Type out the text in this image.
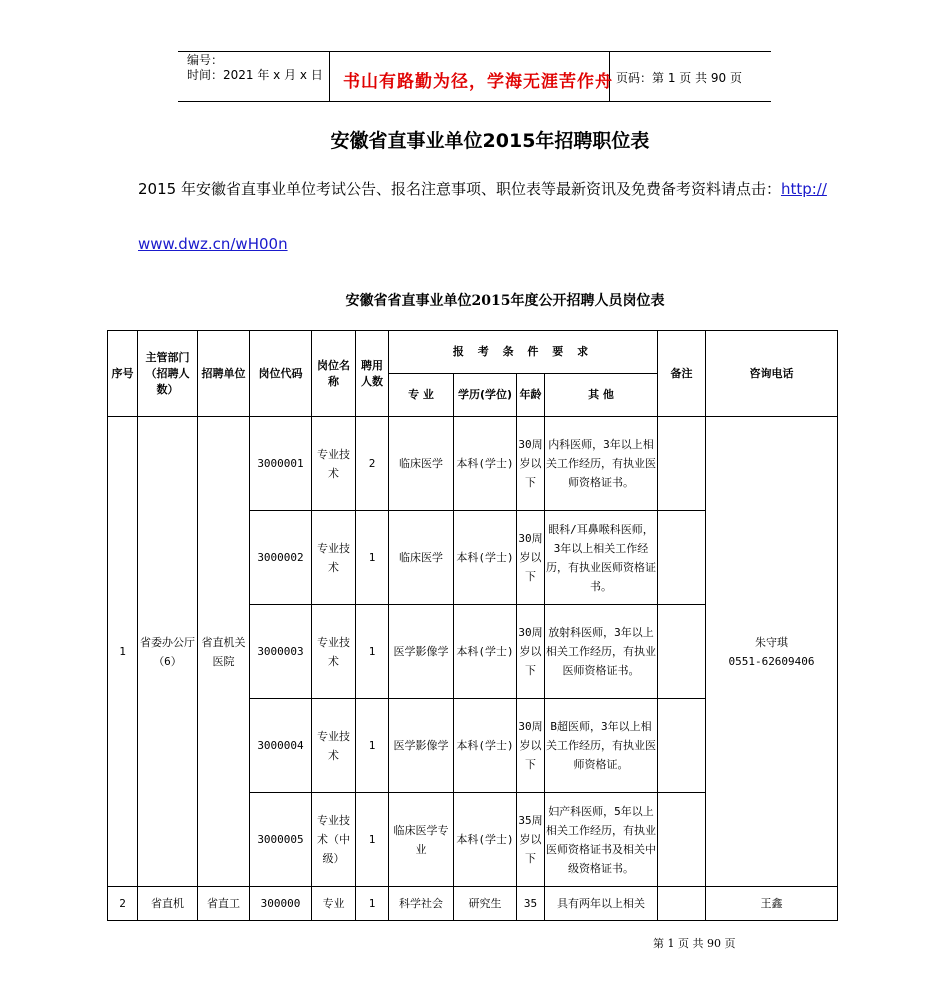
编号：
时间：2021 年 x 月 x 日 书山有路勤为径，学海无涯苦作舟 页码：第 1 页 共 90 页
安徽省直事业单位2015年招聘职位表
2015 年安徽省直事业单位考试公告、报名注意事项、职位表等最新资讯及免费备考资料请点击：http://
www.dwz.cn/wH00n
安徽省省直事业单位2015年度公开招聘人员岗位表
序号	主管部门（招聘人数）	招聘单位	岗位代码	岗位名称	聘用人数	报 考 条 件 要 求				备注	咨询电话
						专 业	学历(学位)	年龄	其 他		
1	省委办公厅（6）	省直机关医院	3000001	专业技术	2	临床医学	本科(学士)	30周岁以下	内科医师，3年以上相关工作经历，有执业医师资格证书。		朱守琪
0551-62609406

			3000002	专业技术	1	临床医学	本科(学士)	30周岁以下	眼科/耳鼻喉科医师，3年以上相关工作经历，有执业医师资格证书。		
			3000003	专业技术	1	医学影像学	本科(学士)	30周岁以下	放射科医师，3年以上相关工作经历，有执业医师资格证书。		
			3000004	专业技术	1	医学影像学	本科(学士)	30周岁以下	B超医师，3年以上相关工作经历，有执业医师资格证。		
			3000005	专业技术（中级）	1	临床医学专业	本科(学士)	35周岁以下	妇产科医师，5年以上相关工作经历，有执业医师资格证书及相关中级资格证书。		
2	省直机	省直工	300000	专业	1	科学社会	研究生	35	具有两年以上相关		王鑫
第 1 页 共 90 页
